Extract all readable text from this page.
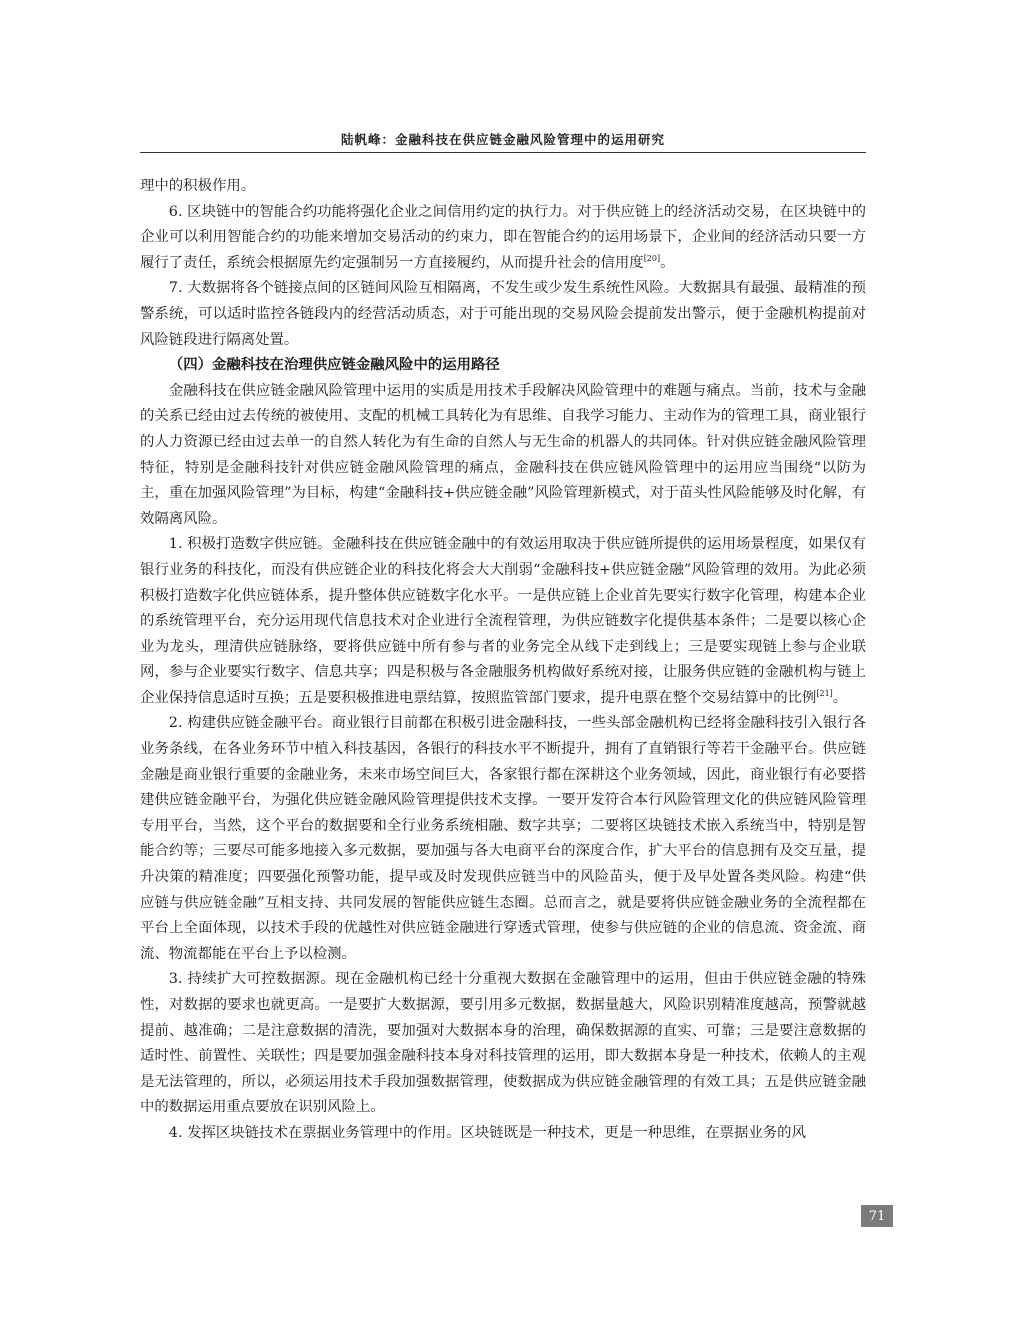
陆帆峰：金融科技在供应链金融风险管理中的运用研究

理中的积极作用。

6. 区块链中的智能合约功能将强化企业之间信用约定的执行力。对于供应链上的经济活动交易，在区块链中的企业可以利用智能合约的功能来增加交易活动的约束力，即在智能合约的运用场景下，企业间的经济活动只要一方履行了责任，系统会根据原先约定强制另一方直接履约，从而提升社会的信用度[20]。

7. 大数据将各个链接点间的区链间风险互相隔离，不发生或少发生系统性风险。大数据具有最强、最精准的预警系统，可以适时监控各链段内的经营活动质态，对于可能出现的交易风险会提前发出警示，便于金融机构提前对风险链段进行隔离处置。

（四）金融科技在治理供应链金融风险中的运用路径

金融科技在供应链金融风险管理中运用的实质是用技术手段解决风险管理中的难题与痛点。当前，技术与金融的关系已经由过去传统的被使用、支配的机械工具转化为有思维、自我学习能力、主动作为的管理工具，商业银行的人力资源已经由过去单一的自然人转化为有生命的自然人与无生命的机器人的共同体。针对供应链金融风险管理特征，特别是金融科技针对供应链金融风险管理的痛点，金融科技在供应链风险管理中的运用应当围绕“以防为主，重在加强风险管理”为目标，构建“金融科技+供应链金融”风险管理新模式，对于苗头性风险能够及时化解，有效隔离风险。

1. 积极打造数字供应链。金融科技在供应链金融中的有效运用取决于供应链所提供的运用场景程度，如果仅有银行业务的科技化，而没有供应链企业的科技化将会大大削弱“金融科技+供应链金融”风险管理的效用。为此必须积极打造数字化供应链体系，提升整体供应链数字化水平。一是供应链上企业首先要实行数字化管理，构建本企业的系统管理平台，充分运用现代信息技术对企业进行全流程管理，为供应链数字化提供基本条件；二是要以核心企业为龙头，理清供应链脉络，要将供应链中所有参与者的业务完全从线下走到线上；三是要实现链上参与企业联网，参与企业要实行数字、信息共享；四是积极与各金融服务机构做好系统对接，让服务供应链的金融机构与链上企业保持信息适时互换；五是要积极推进电票结算，按照监管部门要求，提升电票在整个交易结算中的比例[21]。

2. 构建供应链金融平台。商业银行目前都在积极引进金融科技，一些头部金融机构已经将金融科技引入银行各业务条线，在各业务环节中植入科技基因，各银行的科技水平不断提升，拥有了直销银行等若干金融平台。供应链金融是商业银行重要的金融业务，未来市场空间巨大，各家银行都在深耕这个业务领域，因此，商业银行有必要搭建供应链金融平台，为强化供应链金融风险管理提供技术支撑。一要开发符合本行风险管理文化的供应链风险管理专用平台，当然，这个平台的数据要和全行业务系统相融、数字共享；二要将区块链技术嵌入系统当中，特别是智能合约等；三要尽可能多地接入多元数据，要加强与各大电商平台的深度合作，扩大平台的信息拥有及交互量，提升决策的精准度；四要强化预警功能，提早或及时发现供应链当中的风险苗头，便于及早处置各类风险。构建“供应链与供应链金融”互相支持、共同发展的智能供应链生态圈。总而言之，就是要将供应链金融业务的全流程都在平台上全面体现，以技术手段的优越性对供应链金融进行穿透式管理，使参与供应链的企业的信息流、资金流、商流、物流都能在平台上予以检测。

3. 持续扩大可控数据源。现在金融机构已经十分重视大数据在金融管理中的运用，但由于供应链金融的特殊性，对数据的要求也就更高。一是要扩大数据源，要引用多元数据，数据量越大，风险识别精准度越高，预警就越提前、越准确；二是注意数据的清洗，要加强对大数据本身的治理，确保数据源的直实、可靠；三是要注意数据的适时性、前置性、关联性；四是要加强金融科技本身对科技管理的运用，即大数据本身是一种技术，依赖人的主观是无法管理的，所以，必须运用技术手段加强数据管理，使数据成为供应链金融管理的有效工具；五是供应链金融中的数据运用重点要放在识别风险上。

4. 发挥区块链技术在票据业务管理中的作用。区块链既是一种技术，更是一种思维，在票据业务的风

71
